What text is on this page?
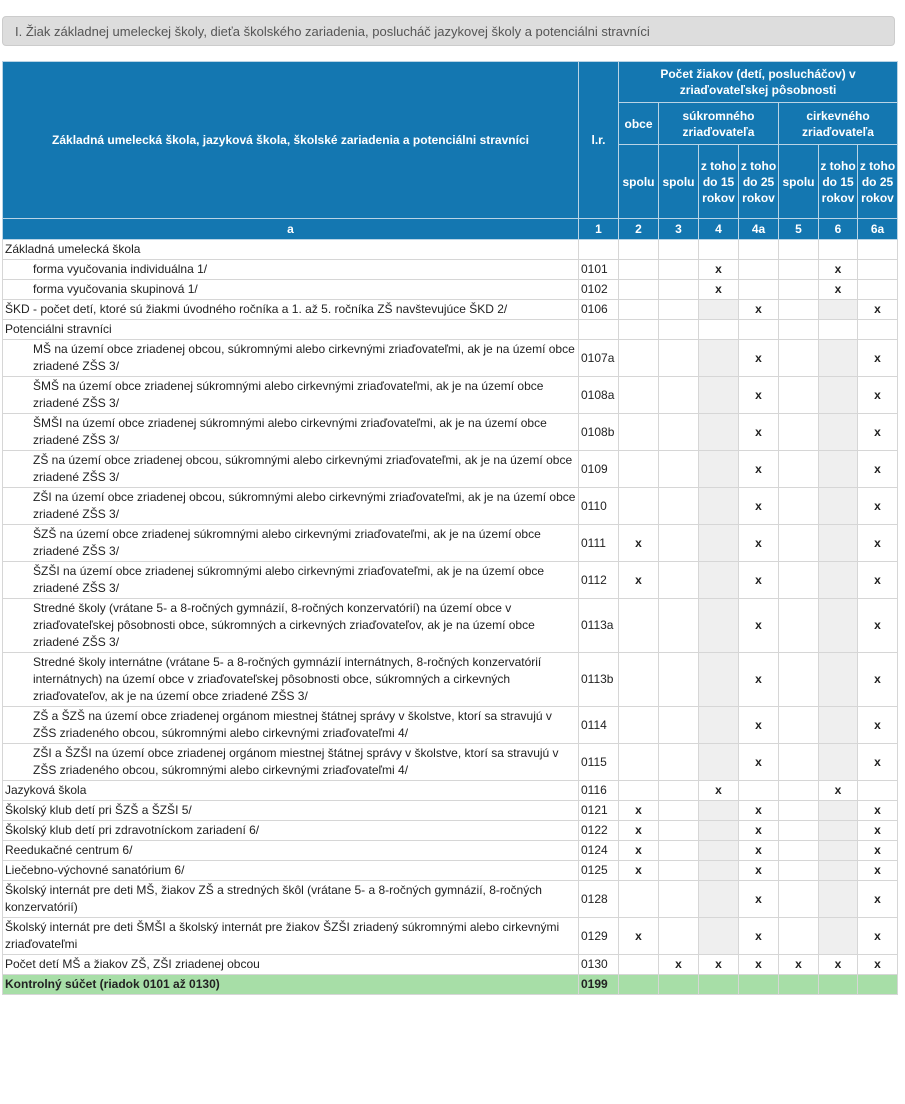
I. Žiak základnej umeleckej školy, dieťa školského zariadenia, poslucháč jazykovej školy a potenciálni stravníci
Základná umelecká škola, jazyková škola, školské zariadenia a potenciálni stravníci	l.r.	Počet žiakov (detí, poslucháčov) v zriaďovateľskej pôsobnosti						
		obce	súkromného zriaďovateľa			cirkevného zriaďovateľa		

		spolu	spolu	z toho do 15 rokov	z toho do 25 rokov	spolu	z toho do 15 rokov	z toho do 25 rokov
a	1	2	3	4	4a	5	6	6a
Základná umelecká škola								
forma vyučovania individuálna 1/	0101			x			x	
forma vyučovania skupinová 1/	0102			x			x	
ŠKD - počet detí, ktoré sú žiakmi úvodného ročníka a 1. až 5. ročníka ZŠ navštevujúce ŠKD 2/	0106				x			x
Potenciálni stravníci								
MŠ na území obce zriadenej obcou, súkromnými alebo cirkevnými zriaďovateľmi, ak je na území obce zriadené ZŠS 3/	0107a				x			x
ŠMŠ na území obce zriadenej súkromnými alebo cirkevnými zriaďovateľmi, ak je na území obce zriadené ZŠS 3/	0108a				x			x
ŠMŠI na území obce zriadenej súkromnými alebo cirkevnými zriaďovateľmi, ak je na území obce zriadené ZŠS 3/	0108b				x			x
ZŠ na území obce zriadenej obcou, súkromnými alebo cirkevnými zriaďovateľmi, ak je na území obce zriadené ZŠS 3/	0109				x			x
ZŠI na území obce zriadenej obcou, súkromnými alebo cirkevnými zriaďovateľmi, ak je na území obce zriadené ZŠS 3/	0110				x			x
ŠZŠ na území obce zriadenej súkromnými alebo cirkevnými zriaďovateľmi, ak je na území obce zriadené ZŠS 3/	0111	x			x			x
ŠZŠI na území obce zriadenej súkromnými alebo cirkevnými zriaďovateľmi, ak je na území obce zriadené ZŠS 3/	0112	x			x			x
Stredné školy (vrátane 5- a 8-ročných gymnázií, 8-ročných konzervatórií) na území obce v zriaďovateľskej pôsobnosti obce, súkromných a cirkevných zriaďovateľov, ak je na území obce zriadené ZŠS 3/	0113a				x			x
Stredné školy internátne (vrátane 5- a 8-ročných gymnázií internátnych, 8-ročných konzervatórií internátnych) na území obce v zriaďovateľskej pôsobnosti obce, súkromných a cirkevných zriaďovateľov, ak je na území obce zriadené ZŠS 3/	0113b				x			x
ZŠ a ŠZŠ na území obce zriadenej orgánom miestnej štátnej správy v školstve, ktorí sa stravujú v ZŠS zriadeného obcou, súkromnými alebo cirkevnými zriaďovateľmi 4/	0114				x			x
ZŠI a ŠZŠI na území obce zriadenej orgánom miestnej štátnej správy v školstve, ktorí sa stravujú v ZŠS zriadeného obcou, súkromnými alebo cirkevnými zriaďovateľmi 4/	0115				x			x
Jazyková škola	0116			x			x	
Školský klub detí pri ŠZŠ a ŠZŠI 5/	0121	x			x			x
Školský klub detí pri zdravotníckom zariadení 6/	0122	x			x			x
Reedukačné centrum 6/	0124	x			x			x
Liečebno-výchovné sanatórium 6/	0125	x			x			x
Školský internát pre deti MŠ, žiakov ZŠ a stredných škôl (vrátane 5- a 8-ročných gymnázií, 8-ročných konzervatórií)	0128				x			x
Školský internát pre deti ŠMŠI a školský internát pre žiakov ŠZŠI zriadený súkromnými alebo cirkevnými zriaďovateľmi	0129	x			x			x
Počet detí MŠ a žiakov ZŠ, ZŠI zriadenej obcou	0130		x	x	x	x	x	x
Kontrolný súčet (riadok 0101 až 0130)	0199							
